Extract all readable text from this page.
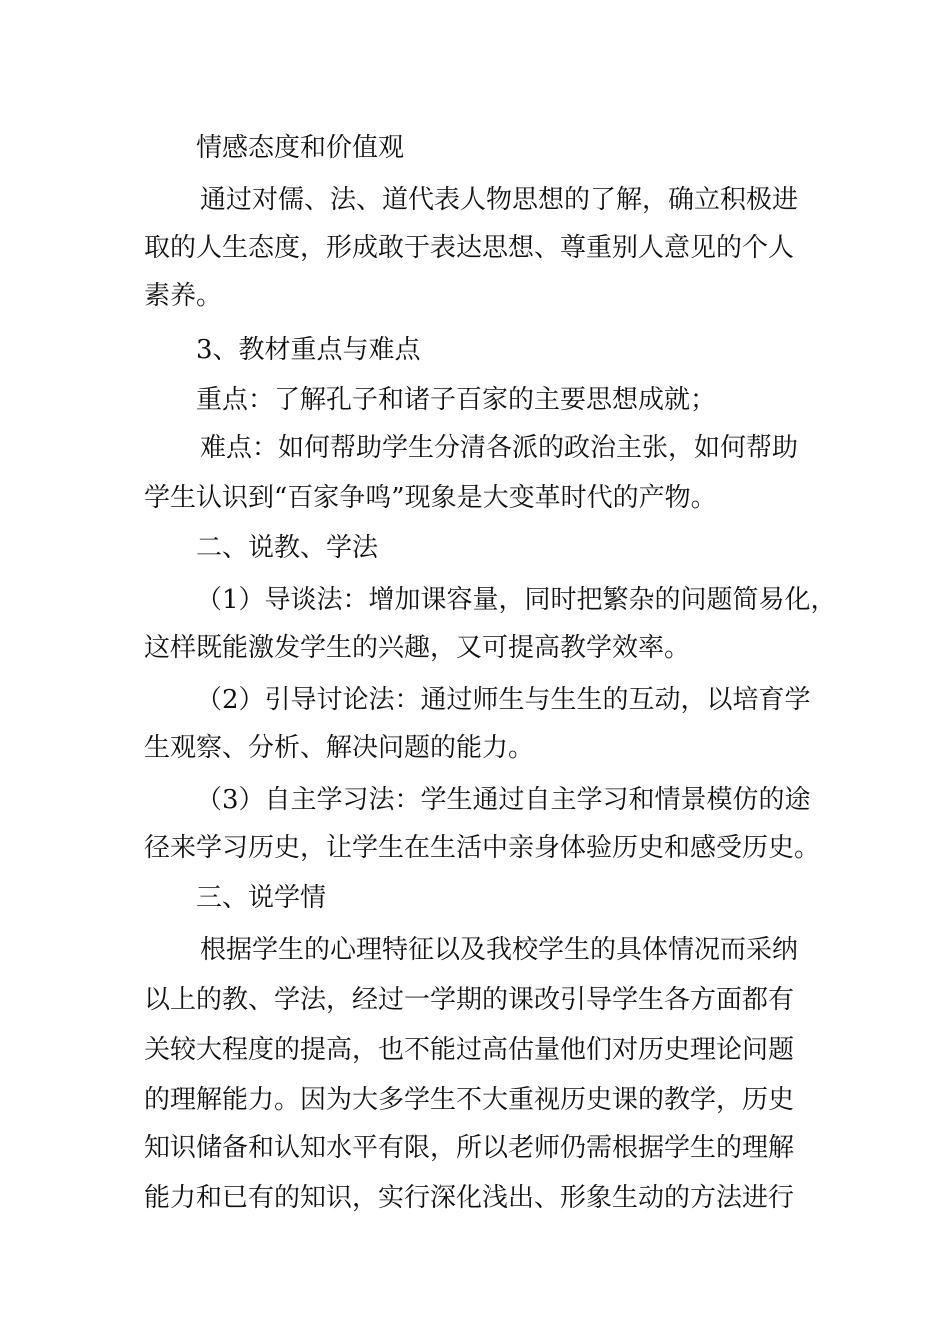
情感态度和价值观
通过对儒、法、道代表人物思想的了解，确立积极进
取的人生态度，形成敢于表达思想、尊重别人意见的个人
素养。
3、教材重点与难点
重点：了解孔子和诸子百家的主要思想成就；
难点：如何帮助学生分清各派的政治主张，如何帮助
学生认识到“百家争鸣”现象是大变革时代的产物。
二、说教、学法
（1）导谈法：增加课容量，同时把繁杂的问题简易化，
这样既能激发学生的兴趣，又可提高教学效率。
（2）引导讨论法：通过师生与生生的互动，以培育学
生观察、分析、解决问题的能力。
（3）自主学习法：学生通过自主学习和情景模仿的途
径来学习历史，让学生在生活中亲身体验历史和感受历史。
三、说学情
根据学生的心理特征以及我校学生的具体情况而采纳
以上的教、学法，经过一学期的课改引导学生各方面都有
关较大程度的提高，也不能过高估量他们对历史理论问题
的理解能力。因为大多学生不大重视历史课的教学，历史
知识储备和认知水平有限，所以老师仍需根据学生的理解
能力和已有的知识，实行深化浅出、形象生动的方法进行
